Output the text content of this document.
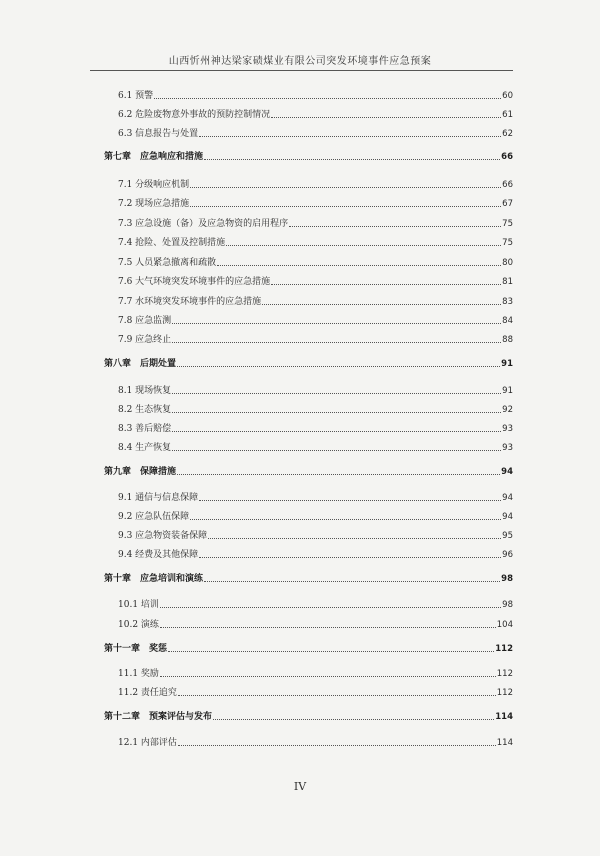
山西忻州神达梁家碛煤业有限公司突发环境事件应急预案
6.1 预警	60
6.2 危险废物意外事故的预防控制情况	61
6.3 信息报告与处置	62
第七章　应急响应和措施	66
7.1 分级响应机制	66
7.2 现场应急措施	67
7.3 应急设施（备）及应急物资的启用程序	75
7.4 抢险、处置及控制措施	75
7.5 人员紧急撤离和疏散	80
7.6 大气环境突发环境事件的应急措施	81
7.7 水环境突发环境事件的应急措施	83
7.8 应急监测	84
7.9 应急终止	88
第八章　后期处置	91
8.1 现场恢复	91
8.2 生态恢复	92
8.3 善后赔偿	93
8.4 生产恢复	93
第九章　保障措施	94
9.1 通信与信息保障	94
9.2 应急队伍保障	94
9.3 应急物资装备保障	95
9.4 经费及其他保障	96
第十章　应急培训和演练	98
10.1 培训	98
10.2 演练	104
第十一章　奖惩	112
11.1 奖励	112
11.2 责任追究	112
第十二章　预案评估与发布	114
12.1 内部评估	114
IV
